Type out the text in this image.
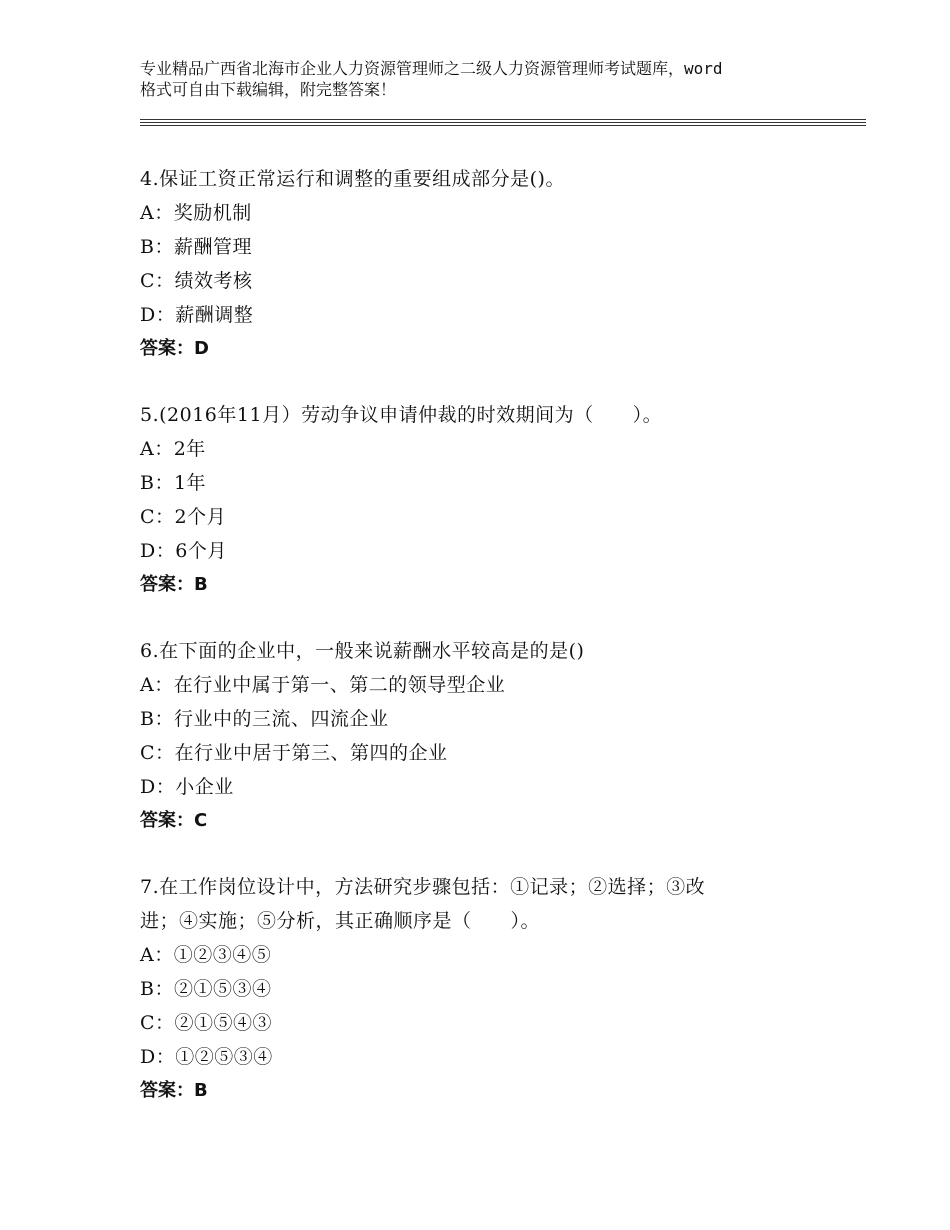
专业精品广西省北海市企业人力资源管理师之二级人力资源管理师考试题库，word
格式可自由下载编辑，附完整答案！
4.保证工资正常运行和调整的重要组成部分是()。
A：奖励机制
B：薪酬管理
C：绩效考核
D：薪酬调整
答案：D
5.(2016年11月）劳动争议申请仲裁的时效期间为（　　）。
A：2年
B：1年
C：2个月
D：6个月
答案：B
6.在下面的企业中，一般来说薪酬水平较高是的是()
A：在行业中属于第一、第二的领导型企业
B：行业中的三流、四流企业
C：在行业中居于第三、第四的企业
D：小企业
答案：C
7.在工作岗位设计中，方法研究步骤包括：①记录；②选择；③改
进；④实施；⑤分析，其正确顺序是（　　）。
A：①②③④⑤
B：②①⑤③④
C：②①⑤④③
D：①②⑤③④
答案：B
